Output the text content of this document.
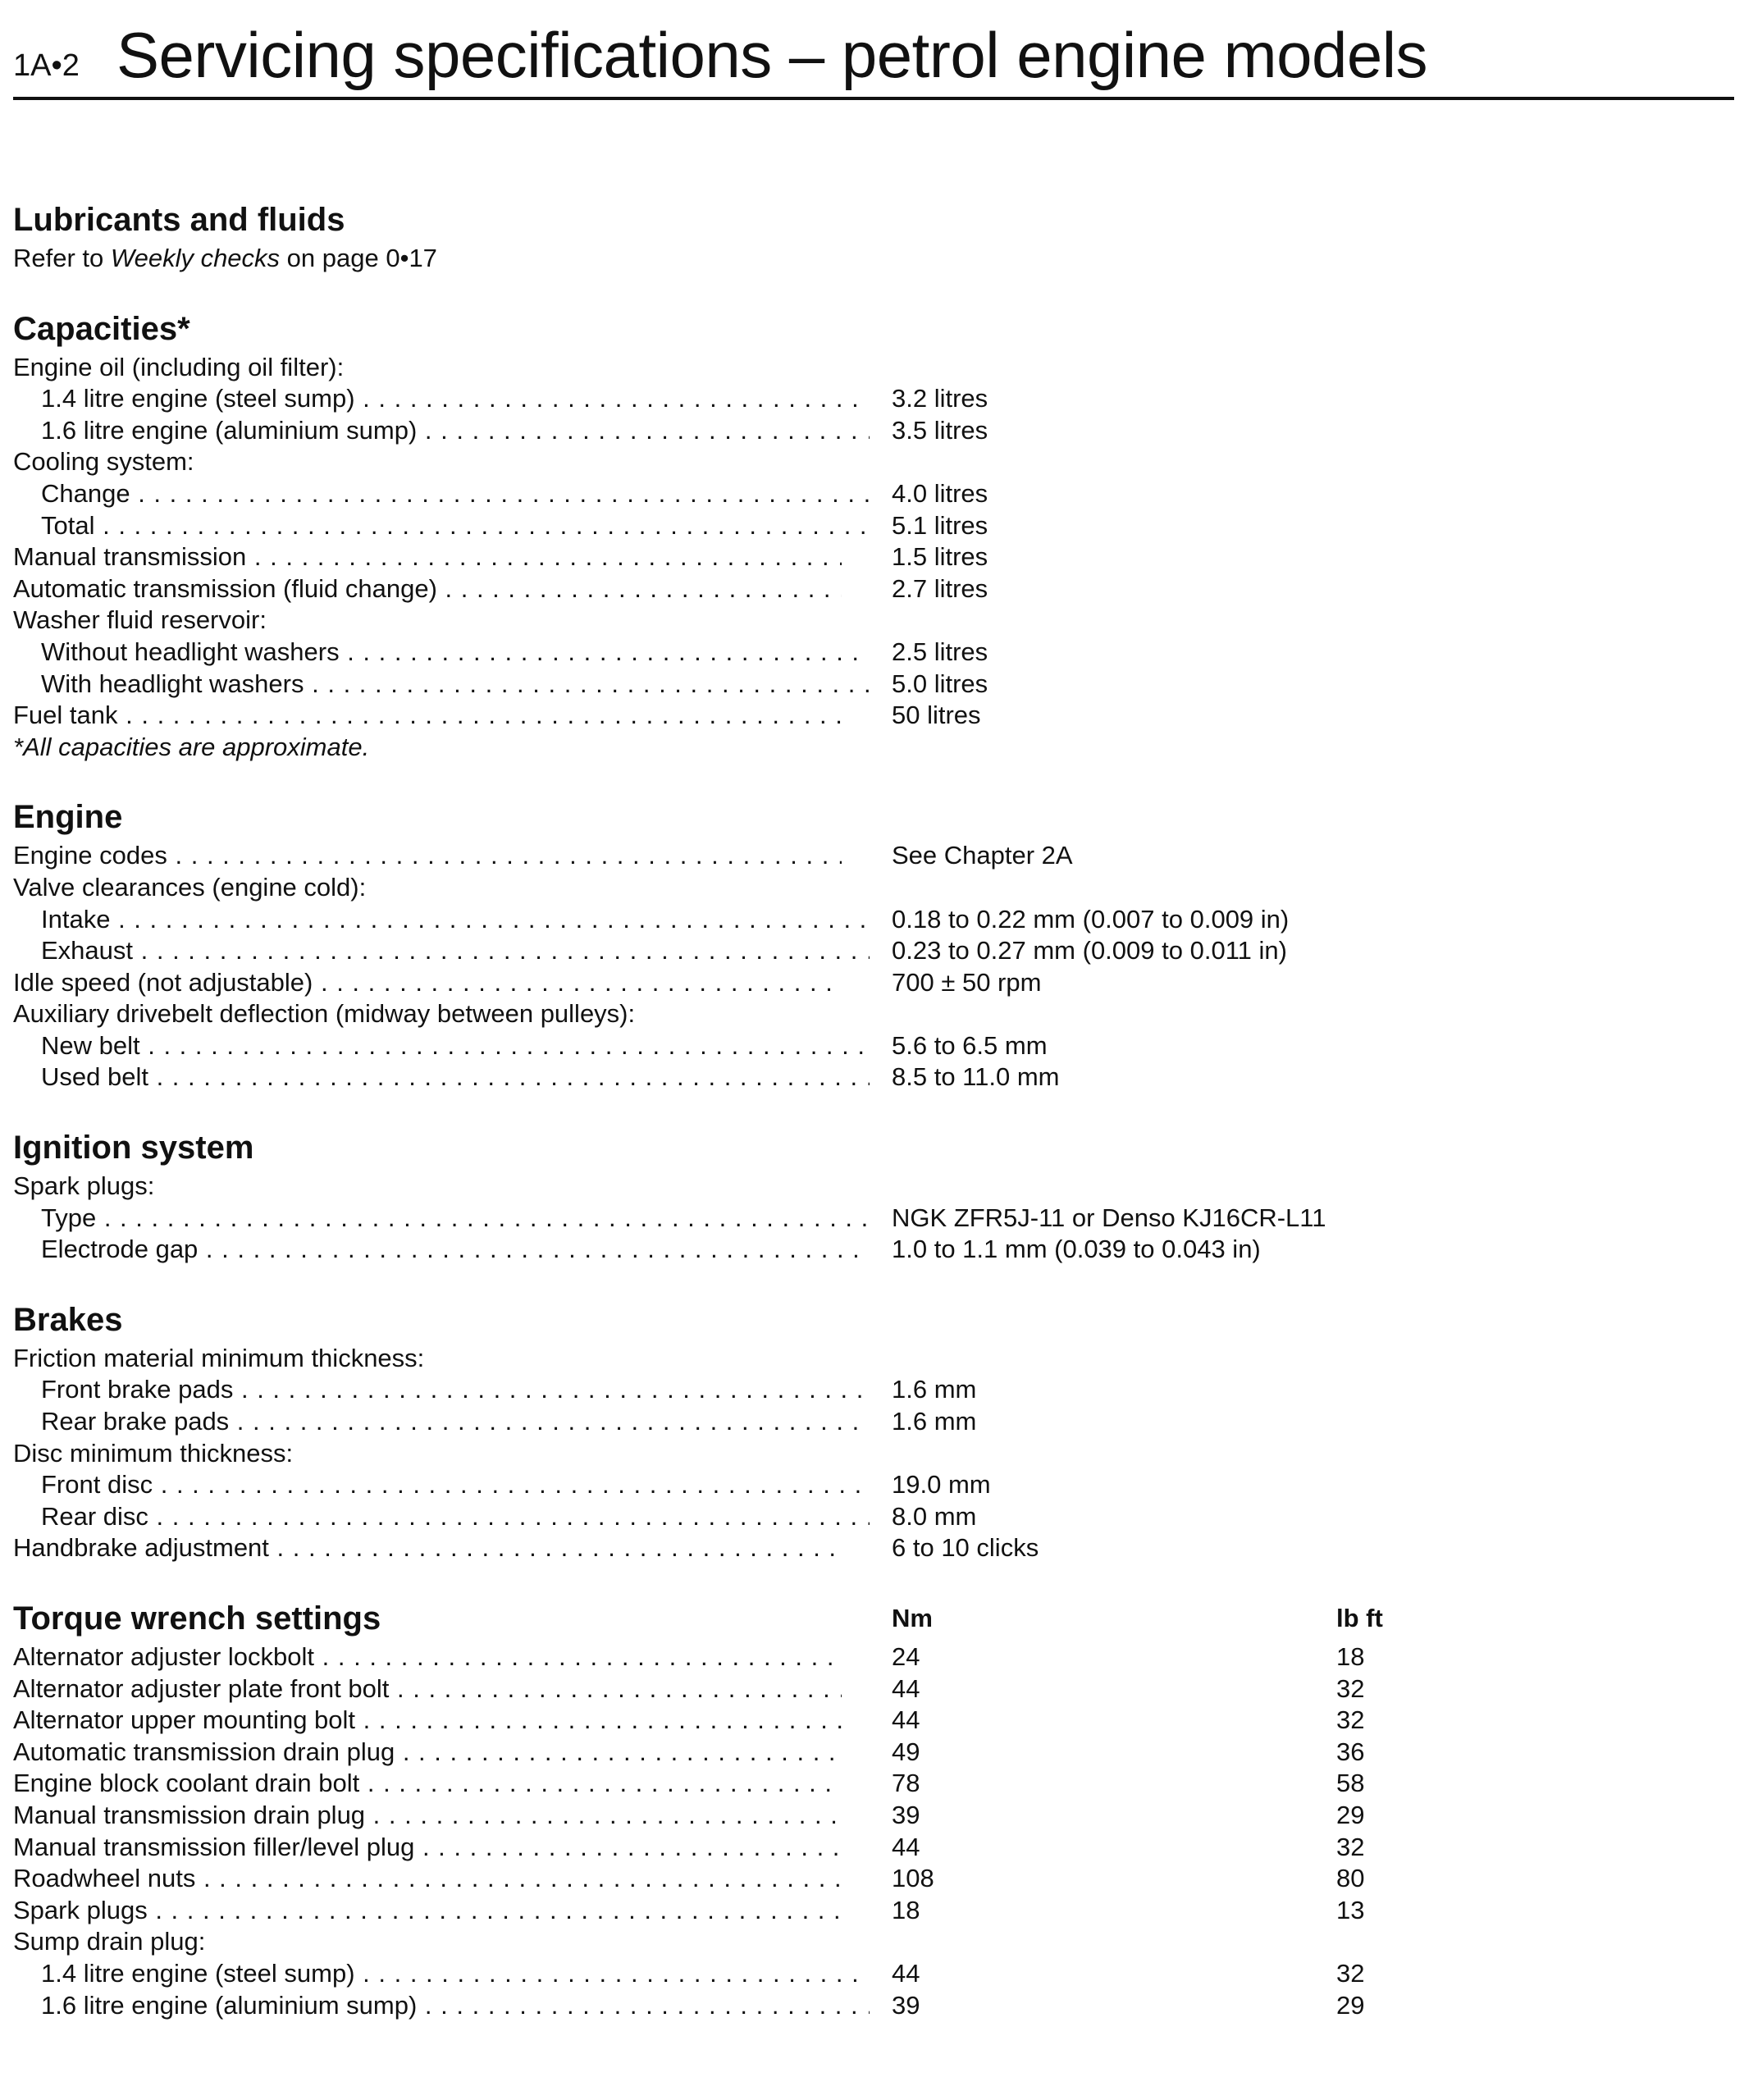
1A•2 Servicing specifications – petrol engine models
Lubricants and fluids
Refer to Weekly checks on page 0•17
Capacities*
Engine oil (including oil filter):
1.4 litre engine (steel sump) . . .	3.2 litres
1.6 litre engine (aluminium sump) . . .	3.5 litres
Cooling system:
Change . . .	4.0 litres
Total . . .	5.1 litres
Manual transmission . . .	1.5 litres
Automatic transmission (fluid change) . . .	2.7 litres
Washer fluid reservoir:
Without headlight washers . . .	2.5 litres
With headlight washers . . .	5.0 litres
Fuel tank . . .	50 litres
*All capacities are approximate.
Engine
Engine codes . . .	See Chapter 2A
Valve clearances (engine cold):
Intake . . .	0.18 to 0.22 mm (0.007 to 0.009 in)
Exhaust . . .	0.23 to 0.27 mm (0.009 to 0.011 in)
Idle speed (not adjustable) . . .	700 ± 50 rpm
Auxiliary drivebelt deflection (midway between pulleys):
New belt . . .	5.6 to 6.5 mm
Used belt . . .	8.5 to 11.0 mm
Ignition system
Spark plugs:
Type . . .	NGK ZFR5J-11 or Denso KJ16CR-L11
Electrode gap . . .	1.0 to 1.1 mm (0.039 to 0.043 in)
Brakes
Friction material minimum thickness:
Front brake pads . . .	1.6 mm
Rear brake pads . . .	1.6 mm
Disc minimum thickness:
Front disc . . .	19.0 mm
Rear disc . . .	8.0 mm
Handbrake adjustment . . .	6 to 10 clicks
Torque wrench settings	Nm	lb ft
Alternator adjuster lockbolt . . .	24	18
Alternator adjuster plate front bolt . . .	44	32
Alternator upper mounting bolt . . .	44	32
Automatic transmission drain plug . . .	49	36
Engine block coolant drain bolt . . .	78	58
Manual transmission drain plug . . .	39	29
Manual transmission filler/level plug . . .	44	32
Roadwheel nuts . . .	108	80
Spark plugs . . .	18	13
Sump drain plug:
1.4 litre engine (steel sump) . . .	44	32
1.6 litre engine (aluminium sump) . . .	39	29
